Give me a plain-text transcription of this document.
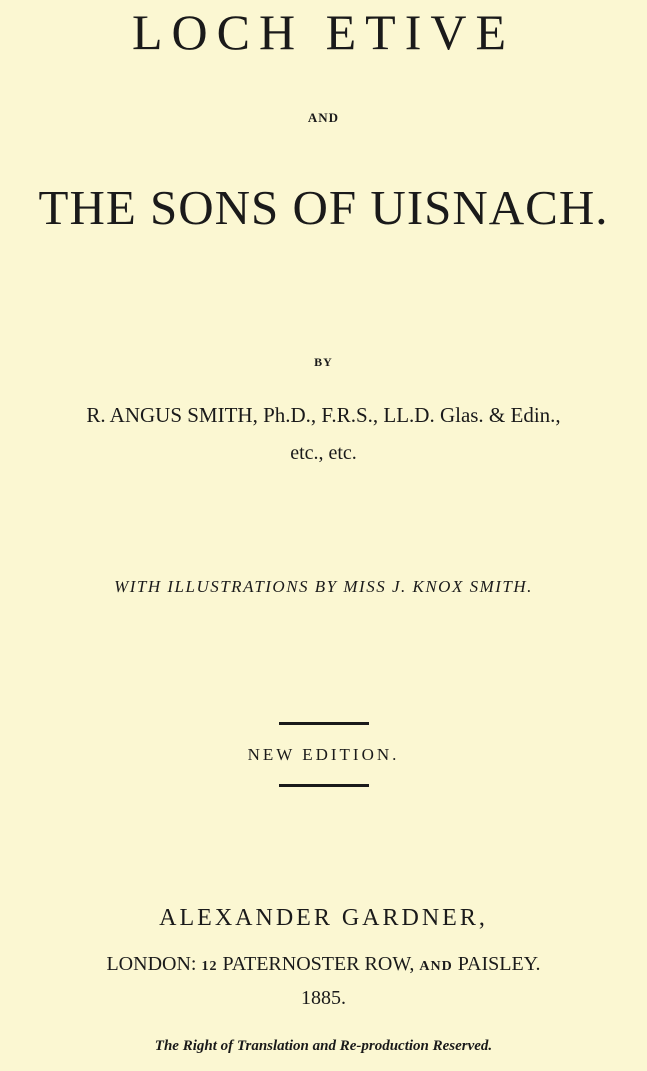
LOCH ETIVE
AND
THE SONS OF UISNACH.
BY
R. ANGUS SMITH, Ph.D., F.R.S., LL.D. Glas. & Edin.,
etc., etc.
WITH ILLUSTRATIONS BY MISS J. KNOX SMITH.
NEW EDITION.
ALEXANDER GARDNER,
LONDON: 12 PATERNOSTER ROW, AND PAISLEY.
1885.
The Right of Translation and Re-production Reserved.
